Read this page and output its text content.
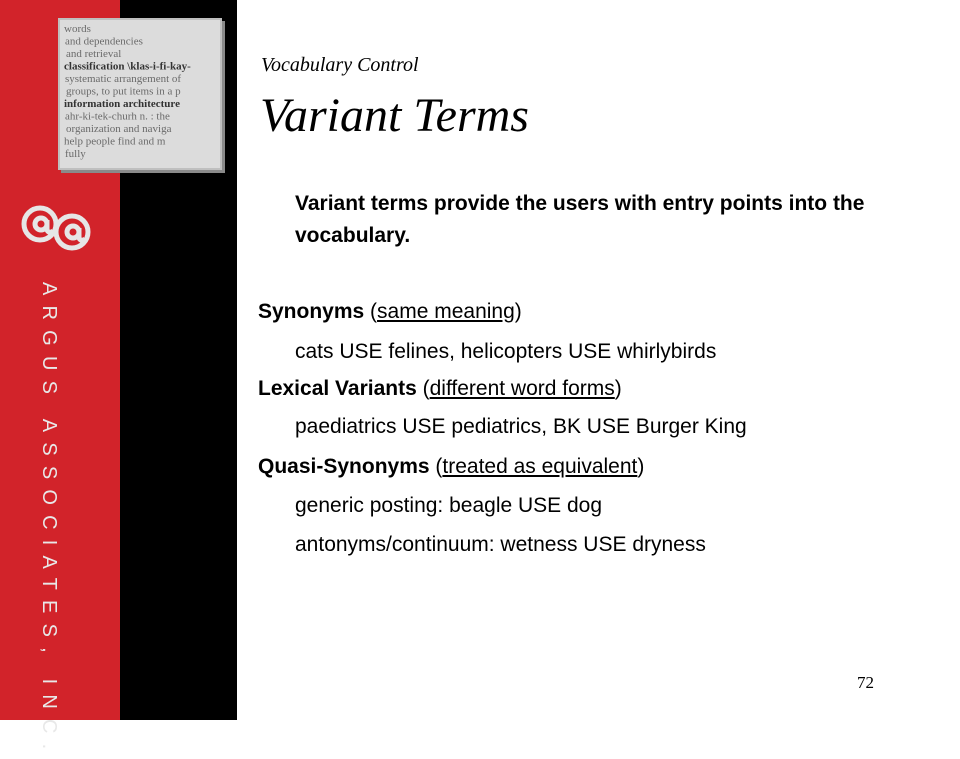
words
and dependencies
and retrieval
classification \klas-i-fi-kay-
systematic arrangement of
groups, to put items in a p
information architecture
ahr-ki-tek-churh n. : the
organization and naviga
help people find and m
fully
ARGUS ASSOCIATES, INC.
Vocabulary Control
Variant Terms
Variant terms provide the users with entry points into the vocabulary.
Synonyms (same meaning)
cats USE felines, helicopters USE whirlybirds
Lexical Variants (different word forms)
paediatrics USE pediatrics, BK USE Burger King
Quasi-Synonyms (treated as equivalent)
generic posting: beagle USE dog
antonyms/continuum: wetness USE dryness
72
